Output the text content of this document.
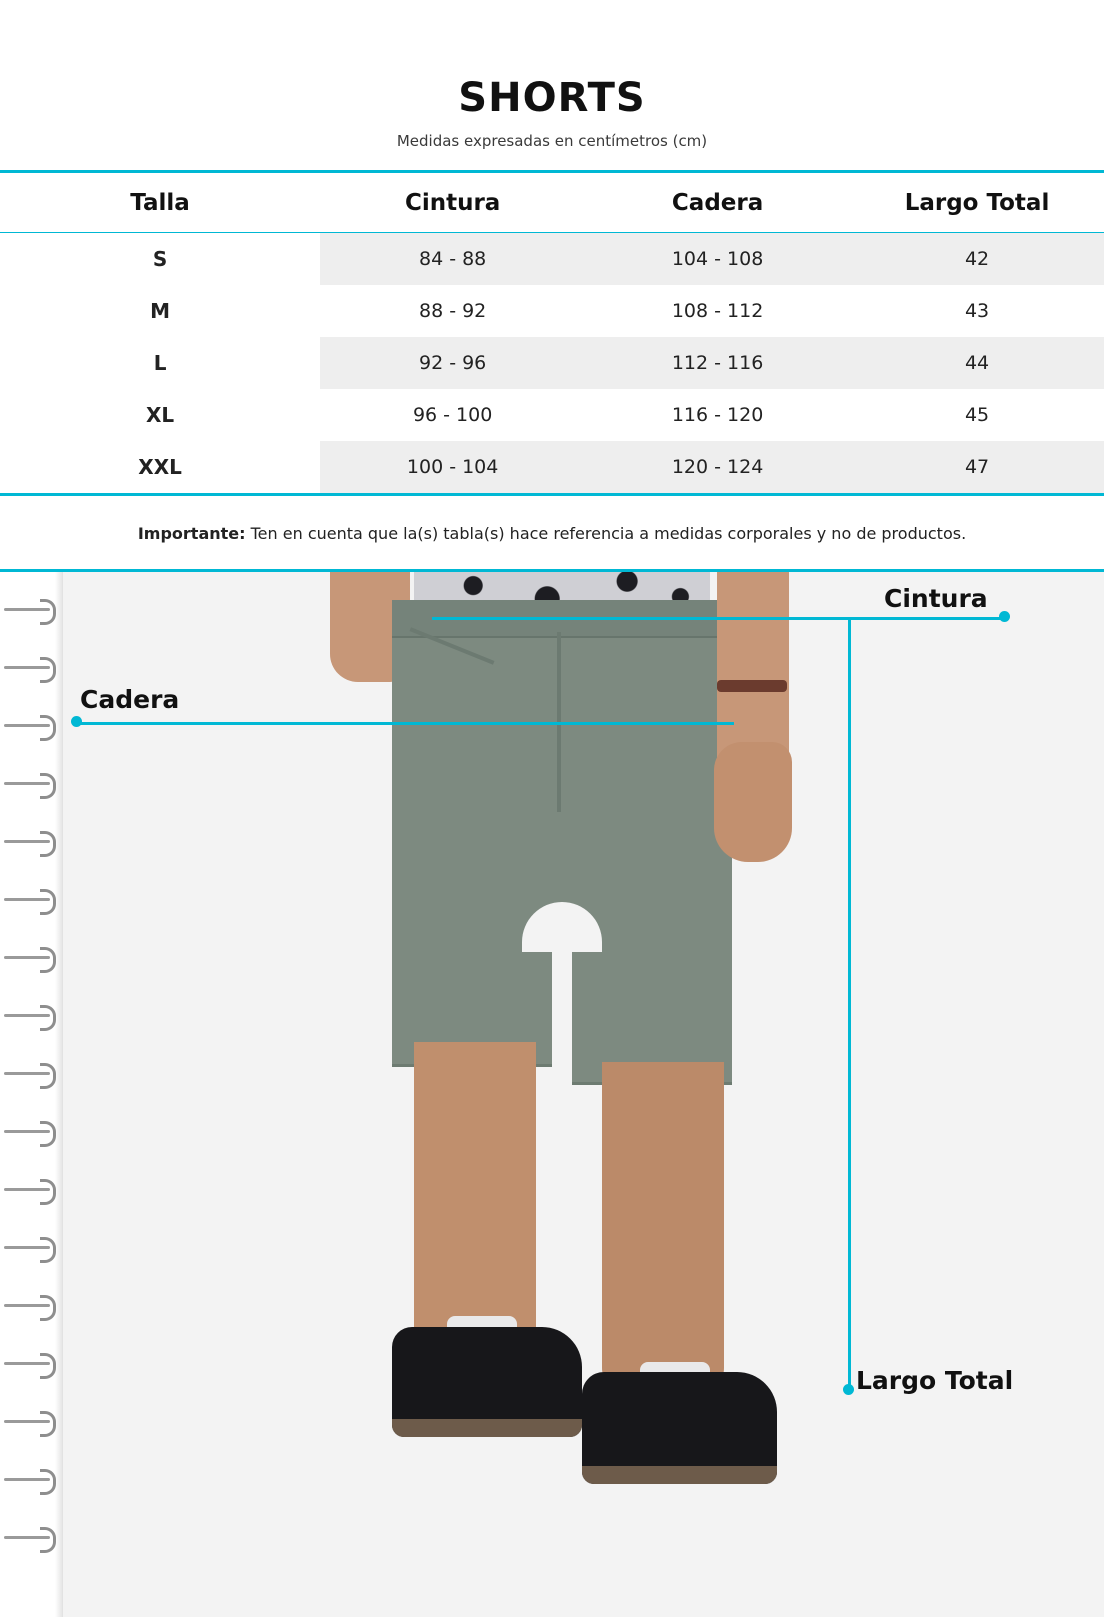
SHORTS
Medidas expresadas en centímetros (cm)
Talla	Cintura	Cadera	Largo Total
S	84 - 88	104 - 108	42
M	88 - 92	108 - 112	43
L	92 - 96	112 - 116	44
XL	96 - 100	116 - 120	45
XXL	100 - 104	120 - 124	47
Importante: Ten en cuenta que la(s) tabla(s) hace referencia a medidas corporales y no de productos.
Cintura
Cadera
Largo Total
